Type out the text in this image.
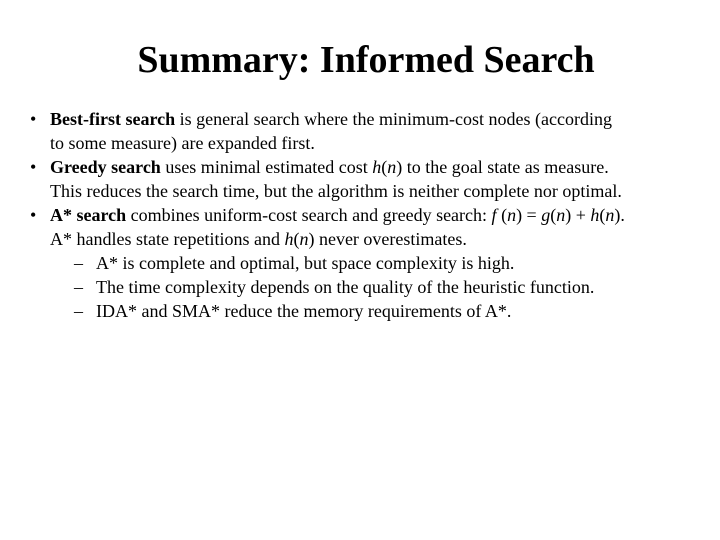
Summary: Informed Search
• Best-first search is general search where the minimum-cost nodes (according
to some measure) are expanded first.
• Greedy search uses minimal estimated cost h(n) to the goal state as measure.
This reduces the search time, but the algorithm is neither complete nor optimal.
• A* search combines uniform-cost search and greedy search: f (n) = g(n) + h(n).
A* handles state repetitions and h(n) never overestimates.
– A* is complete and optimal, but space complexity is high.
– The time complexity depends on the quality of the heuristic function.
– IDA* and SMA* reduce the memory requirements of A*.
